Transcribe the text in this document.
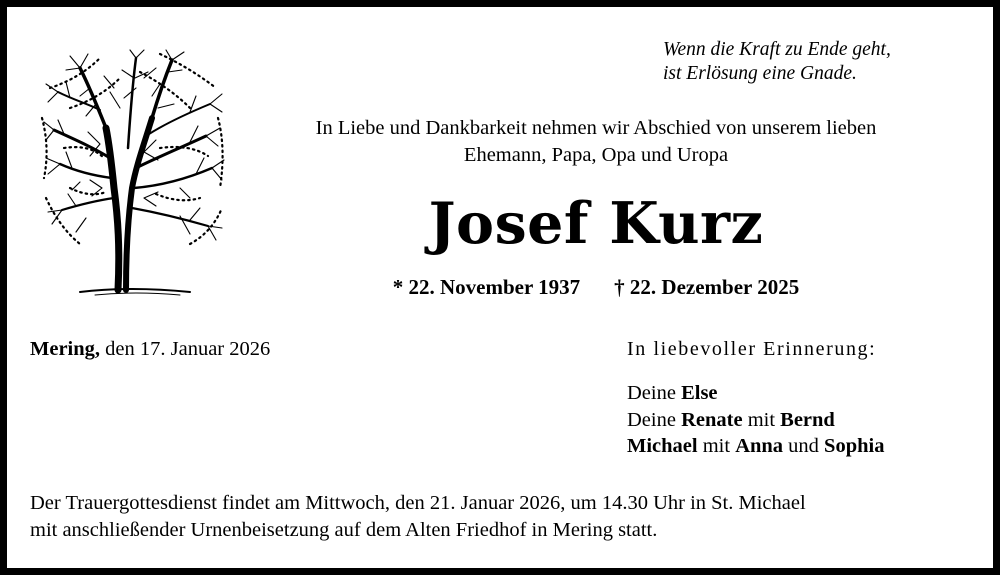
Wenn die Kraft zu Ende geht,
ist Erlösung eine Gnade.
In Liebe und Dankbarkeit nehmen wir Abschied von unserem lieben
Ehemann, Papa, Opa und Uropa
Josef Kurz
* 22. November 1937 † 22. Dezember 2025
Mering, den 17. Januar 2026	In liebevoller Erinnerung:
Deine Else
Deine Renate mit Bernd
Michael mit Anna und Sophia
Der Trauergottesdienst findet am Mittwoch, den 21. Januar 2026, um 14.30 Uhr in St. Michael
mit anschließender Urnenbeisetzung auf dem Alten Friedhof in Mering statt.
